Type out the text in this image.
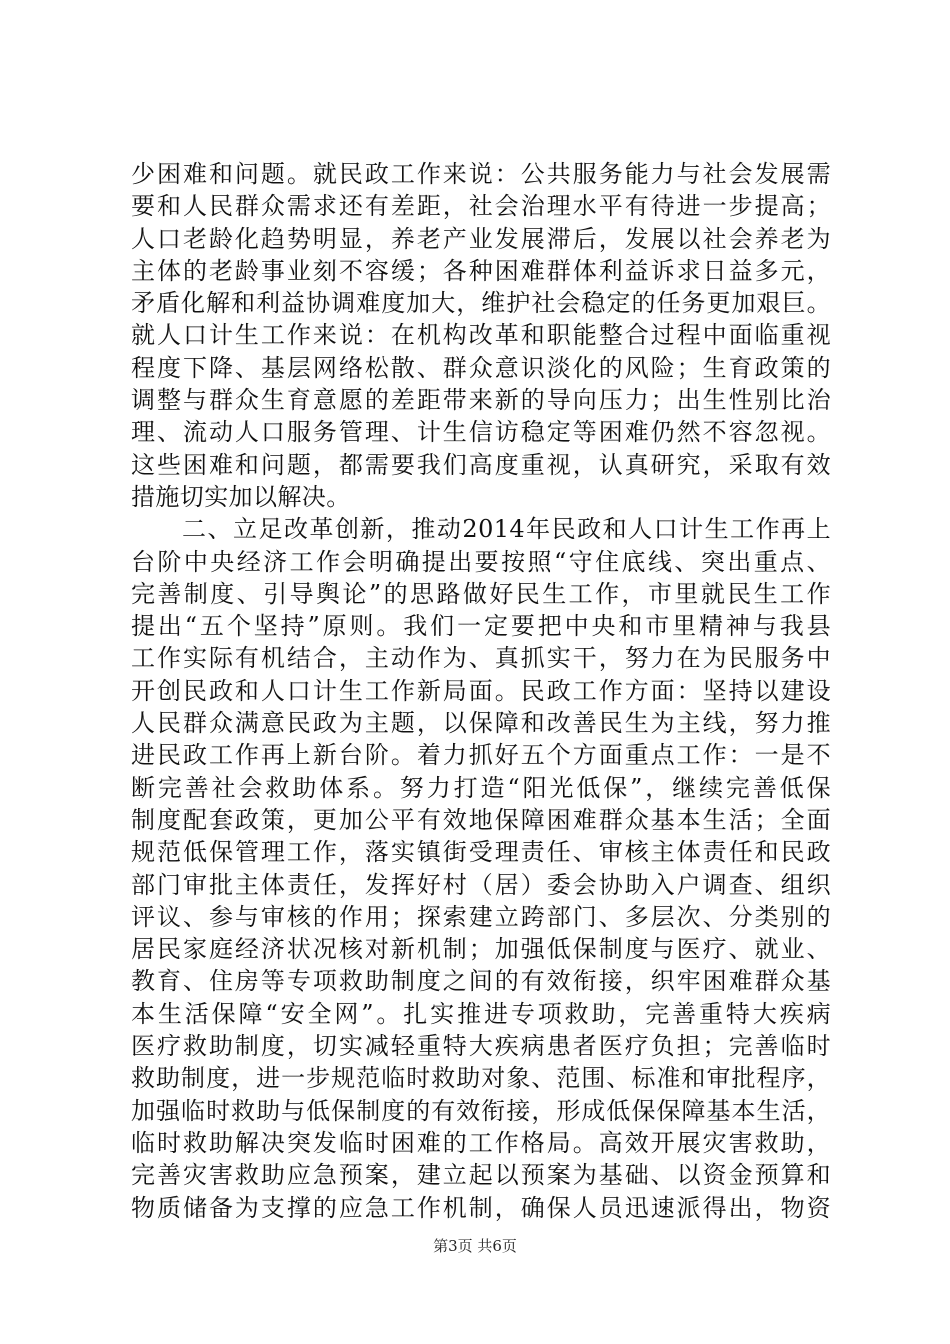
少困难和问题。就民政工作来说：公共服务能力与社会发展需
要和人民群众需求还有差距，社会治理水平有待进一步提高；
人口老龄化趋势明显，养老产业发展滞后，发展以社会养老为
主体的老龄事业刻不容缓；各种困难群体利益诉求日益多元，
矛盾化解和利益协调难度加大，维护社会稳定的任务更加艰巨。
就人口计生工作来说：在机构改革和职能整合过程中面临重视
程度下降、基层网络松散、群众意识淡化的风险；生育政策的
调整与群众生育意愿的差距带来新的导向压力；出生性别比治
理、流动人口服务管理、计生信访稳定等困难仍然不容忽视。
这些困难和问题，都需要我们高度重视，认真研究，采取有效
措施切实加以解决。
　　二、立足改革创新，推动2014年民政和人口计生工作再上
台阶中央经济工作会明确提出要按照“守住底线、突出重点、
完善制度、引导舆论”的思路做好民生工作，市里就民生工作
提出“五个坚持”原则。我们一定要把中央和市里精神与我县
工作实际有机结合，主动作为、真抓实干，努力在为民服务中
开创民政和人口计生工作新局面。民政工作方面：坚持以建设
人民群众满意民政为主题，以保障和改善民生为主线，努力推
进民政工作再上新台阶。着力抓好五个方面重点工作：一是不
断完善社会救助体系。努力打造“阳光低保”，继续完善低保
制度配套政策，更加公平有效地保障困难群众基本生活；全面
规范低保管理工作，落实镇街受理责任、审核主体责任和民政
部门审批主体责任，发挥好村（居）委会协助入户调查、组织
评议、参与审核的作用；探索建立跨部门、多层次、分类别的
居民家庭经济状况核对新机制；加强低保制度与医疗、就业、
教育、住房等专项救助制度之间的有效衔接，织牢困难群众基
本生活保障“安全网”。扎实推进专项救助，完善重特大疾病
医疗救助制度，切实减轻重特大疾病患者医疗负担；完善临时
救助制度，进一步规范临时救助对象、范围、标准和审批程序，
加强临时救助与低保制度的有效衔接，形成低保保障基本生活，
临时救助解决突发临时困难的工作格局。高效开展灾害救助，
完善灾害救助应急预案，建立起以预案为基础、以资金预算和
物质储备为支撑的应急工作机制，确保人员迅速派得出，物资
第3页 共6页
